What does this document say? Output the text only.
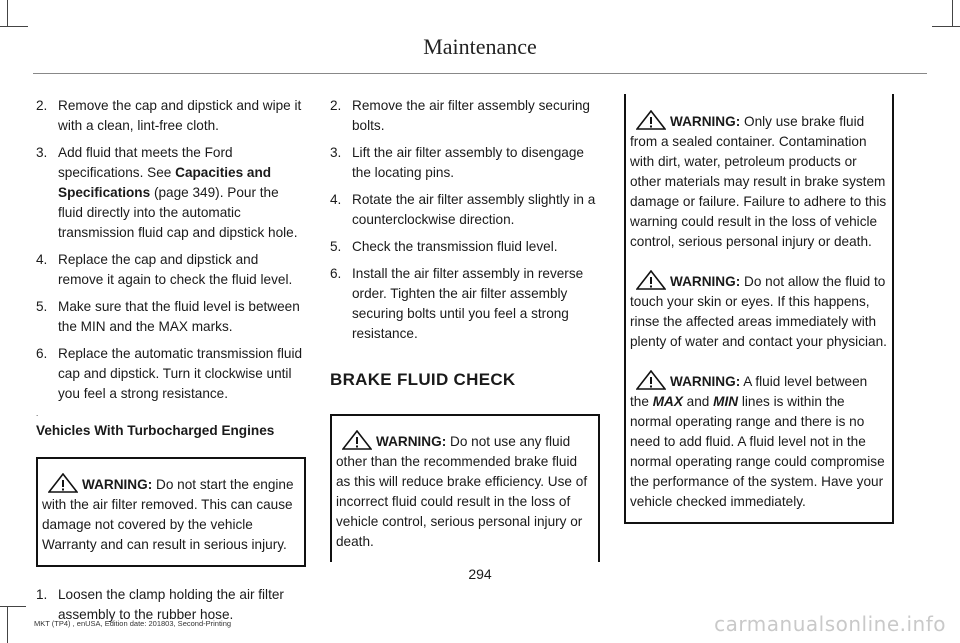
Maintenance
2. Remove the cap and dipstick and wipe it with a clean, lint-free cloth.
3. Add fluid that meets the Ford specifications. See Capacities and Specifications (page 349). Pour the fluid directly into the automatic transmission fluid cap and dipstick hole.
4. Replace the cap and dipstick and remove it again to check the fluid level.
5. Make sure that the fluid level is between the MIN and the MAX marks.
6. Replace the automatic transmission fluid cap and dipstick. Turn it clockwise until you feel a strong resistance.
.
Vehicles With Turbocharged Engines

WARNING: Do not start the engine with the air filter removed. This can cause damage not covered by the vehicle Warranty and can result in serious injury.

1. Loosen the clamp holding the air filter assembly to the rubber hose.
2. Remove the air filter assembly securing bolts.
3. Lift the air filter assembly to disengage the locating pins.
4. Rotate the air filter assembly slightly in a counterclockwise direction.
5. Check the transmission fluid level.
6. Install the air filter assembly in reverse order. Tighten the air filter assembly securing bolts until you feel a strong resistance.
BRAKE FLUID CHECK

WARNING: Do not use any fluid other than the recommended brake fluid as this will reduce brake efficiency. Use of incorrect fluid could result in the loss of vehicle control, serious personal injury or death.

WARNING: Only use brake fluid from a sealed container. Contamination with dirt, water, petroleum products or other materials may result in brake system damage or failure. Failure to adhere to this warning could result in the loss of vehicle control, serious personal injury or death.

WARNING: Do not allow the fluid to touch your skin or eyes. If this happens, rinse the affected areas immediately with plenty of water and contact your physician.

WARNING: A fluid level between the MAX and MIN lines is within the normal operating range and there is no need to add fluid. A fluid level not in the normal operating range could compromise the performance of the system. Have your vehicle checked immediately.

294
MKT (TP4) , enUSA, Edition date: 201803, Second-Printing	carmanualsonline.info
